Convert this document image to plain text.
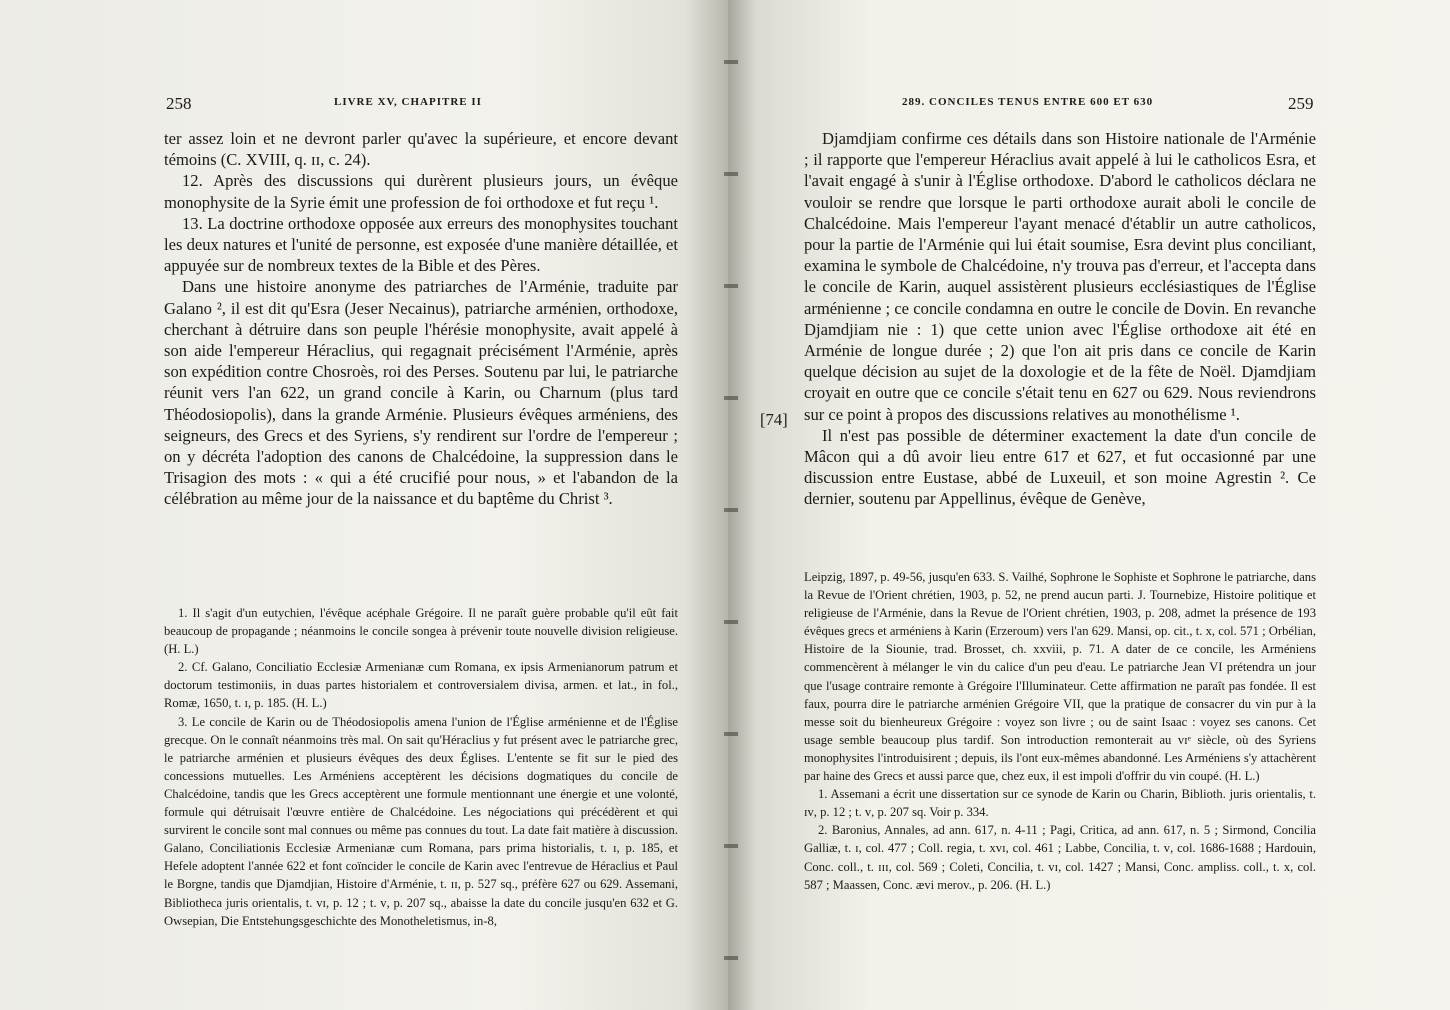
258	LIVRE XV, CHAPITRE II

ter assez loin et ne devront parler qu'avec la supérieure, et encore devant témoins (C. XVIII, q. ɪɪ, c. 24).

12. Après des discussions qui durèrent plusieurs jours, un évêque monophysite de la Syrie émit une profession de foi orthodoxe et fut reçu ¹.

13. La doctrine orthodoxe opposée aux erreurs des monophysites touchant les deux natures et l'unité de personne, est exposée d'une manière détaillée, et appuyée sur de nombreux textes de la Bible et des Pères.

Dans une histoire anonyme des patriarches de l'Arménie, traduite par Galano ², il est dit qu'Esra (Jeser Necainus), patriarche arménien, orthodoxe, cherchant à détruire dans son peuple l'hérésie monophysite, avait appelé à son aide l'empereur Héraclius, qui regagnait précisément l'Arménie, après son expédition contre Chosroès, roi des Perses. Soutenu par lui, le patriarche réunit vers l'an 622, un grand concile à Karin, ou Charnum (plus tard Théodosiopolis), dans la grande Arménie. Plusieurs évêques arméniens, des seigneurs, des Grecs et des Syriens, s'y rendirent sur l'ordre de l'empereur ; on y décréta l'adoption des canons de Chalcédoine, la suppression dans le Trisagion des mots : « qui a été crucifié pour nous, » et l'abandon de la célébration au même jour de la naissance et du baptême du Christ ³.

1. Il s'agit d'un eutychien, l'évêque acéphale Grégoire. Il ne paraît guère probable qu'il eût fait beaucoup de propagande ; néanmoins le concile songea à prévenir toute nouvelle division religieuse. (H. L.)

2. Cf. Galano, Conciliatio Ecclesiæ Armenianæ cum Romana, ex ipsis Armenianorum patrum et doctorum testimoniis, in duas partes historialem et controversialem divisa, armen. et lat., in fol., Romæ, 1650, t. ɪ, p. 185. (H. L.)

3. Le concile de Karin ou de Théodosiopolis amena l'union de l'Église arménienne et de l'Église grecque. On le connaît néanmoins très mal. On sait qu'Héraclius y fut présent avec le patriarche grec, le patriarche arménien et plusieurs évêques des deux Églises. L'entente se fit sur le pied des concessions mutuelles. Les Arméniens acceptèrent les décisions dogmatiques du concile de Chalcédoine, tandis que les Grecs acceptèrent une formule mentionnant une énergie et une volonté, formule qui détruisait l'œuvre entière de Chalcédoine. Les négociations qui précédèrent et qui survirent le concile sont mal connues ou même pas connues du tout. La date fait matière à discussion. Galano, Conciliationis Ecclesiæ Armenianæ cum Romana, pars prima historialis, t. ɪ, p. 185, et Hefele adoptent l'année 622 et font coïncider le concile de Karin avec l'entrevue de Héraclius et Paul le Borgne, tandis que Djamdjian, Histoire d'Arménie, t. ɪɪ, p. 527 sq., préfère 627 ou 629. Assemani, Bibliotheca juris orientalis, t. ᴠɪ, p. 12 ; t. ᴠ, p. 207 sq., abaisse la date du concile jusqu'en 632 et G. Owsepian, Die Entstehungsgeschichte des Monotheletismus, in-8,

259
289. CONCILES TENUS ENTRE 600 ET 630
[74]

Djamdjiam confirme ces détails dans son Histoire nationale de l'Arménie ; il rapporte que l'empereur Héraclius avait appelé à lui le catholicos Esra, et l'avait engagé à s'unir à l'Église orthodoxe. D'abord le catholicos déclara ne vouloir se rendre que lorsque le parti orthodoxe aurait aboli le concile de Chalcédoine. Mais l'empereur l'ayant menacé d'établir un autre catholicos, pour la partie de l'Arménie qui lui était soumise, Esra devint plus conciliant, examina le symbole de Chalcédoine, n'y trouva pas d'erreur, et l'accepta dans le concile de Karin, auquel assistèrent plusieurs ecclésiastiques de l'Église arménienne ; ce concile condamna en outre le concile de Dovin. En revanche Djamdjiam nie : 1) que cette union avec l'Église orthodoxe ait été en Arménie de longue durée ; 2) que l'on ait pris dans ce concile de Karin quelque décision au sujet de la doxologie et de la fête de Noël. Djamdjiam croyait en outre que ce concile s'était tenu en 627 ou 629. Nous reviendrons sur ce point à propos des discussions relatives au monothélisme ¹.

Il n'est pas possible de déterminer exactement la date d'un concile de Mâcon qui a dû avoir lieu entre 617 et 627, et fut occasionné par une discussion entre Eustase, abbé de Luxeuil, et son moine Agrestin ². Ce dernier, soutenu par Appellinus, évêque de Genève,

Leipzig, 1897, p. 49-56, jusqu'en 633. S. Vailhé, Sophrone le Sophiste et Sophrone le patriarche, dans la Revue de l'Orient chrétien, 1903, p. 52, ne prend aucun parti. J. Tournebize, Histoire politique et religieuse de l'Arménie, dans la Revue de l'Orient chrétien, 1903, p. 208, admet la présence de 193 évêques grecs et arméniens à Karin (Erzeroum) vers l'an 629. Mansi, op. cit., t. x, col. 571 ; Orbélian, Histoire de la Siounie, trad. Brosset, ch. xxviii, p. 71. A dater de ce concile, les Arméniens commencèrent à mélanger le vin du calice d'un peu d'eau. Le patriarche Jean VI prétendra un jour que l'usage contraire remonte à Grégoire l'Illuminateur. Cette affirmation ne paraît pas fondée. Il est faux, pourra dire le patriarche arménien Grégoire VII, que la pratique de consacrer du vin pur à la messe soit du bienheureux Grégoire : voyez son livre ; ou de saint Isaac : voyez ses canons. Cet usage semble beaucoup plus tardif. Son introduction remonterait au vɪᵉ siècle, où des Syriens monophysites l'introduisirent ; depuis, ils l'ont eux-mêmes abandonné. Les Arméniens s'y attachèrent par haine des Grecs et aussi parce que, chez eux, il est impoli d'offrir du vin coupé. (H. L.)

1. Assemani a écrit une dissertation sur ce synode de Karin ou Charin, Biblioth. juris orientalis, t. ɪᴠ, p. 12 ; t. ᴠ, p. 207 sq. Voir p. 334.

2. Baronius, Annales, ad ann. 617, n. 4-11 ; Pagi, Critica, ad ann. 617, n. 5 ; Sirmond, Concilia Galliæ, t. ɪ, col. 477 ; Coll. regia, t. xᴠɪ, col. 461 ; Labbe, Concilia, t. ᴠ, col. 1686-1688 ; Hardouin, Conc. coll., t. ɪɪɪ, col. 569 ; Coleti, Concilia, t. ᴠɪ, col. 1427 ; Mansi, Conc. ampliss. coll., t. x, col. 587 ; Maassen, Conc. ævi merov., p. 206. (H. L.)
